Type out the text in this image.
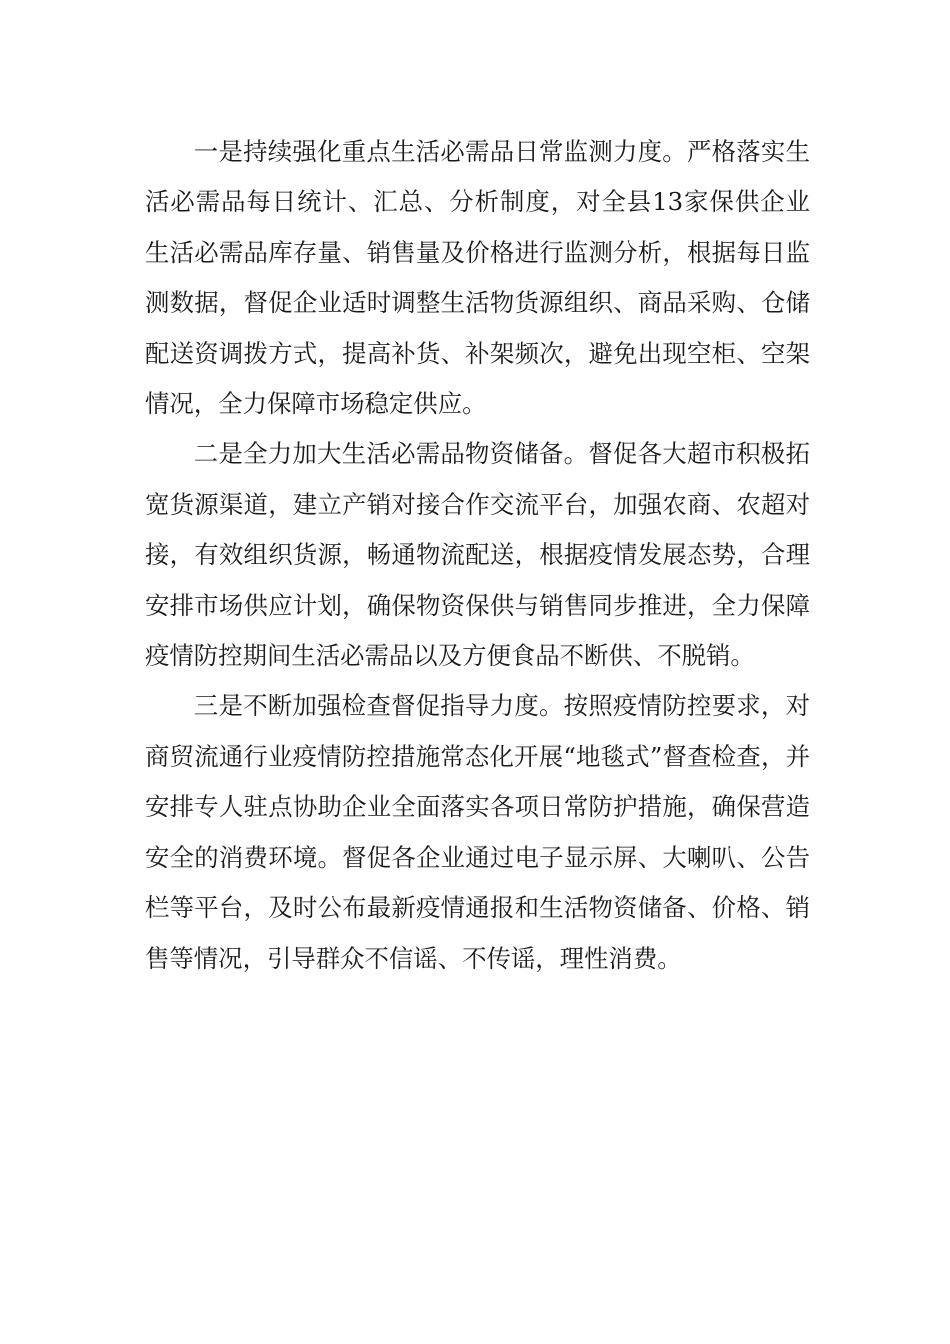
一是持续强化重点生活必需品日常监测力度。严格落实生活必需品每日统计、汇总、分析制度，对全县13家保供企业生活必需品库存量、销售量及价格进行监测分析，根据每日监测数据，督促企业适时调整生活物货源组织、商品采购、仓储配送资调拨方式，提高补货、补架频次，避免出现空柜、空架情况，全力保障市场稳定供应。

二是全力加大生活必需品物资储备。督促各大超市积极拓宽货源渠道，建立产销对接合作交流平台，加强农商、农超对接，有效组织货源，畅通物流配送，根据疫情发展态势，合理安排市场供应计划，确保物资保供与销售同步推进，全力保障疫情防控期间生活必需品以及方便食品不断供、不脱销。

三是不断加强检查督促指导力度。按照疫情防控要求，对商贸流通行业疫情防控措施常态化开展“地毯式”督查检查，并安排专人驻点协助企业全面落实各项日常防护措施，确保营造安全的消费环境。督促各企业通过电子显示屏、大喇叭、公告栏等平台，及时公布最新疫情通报和生活物资储备、价格、销售等情况，引导群众不信谣、不传谣，理性消费。
